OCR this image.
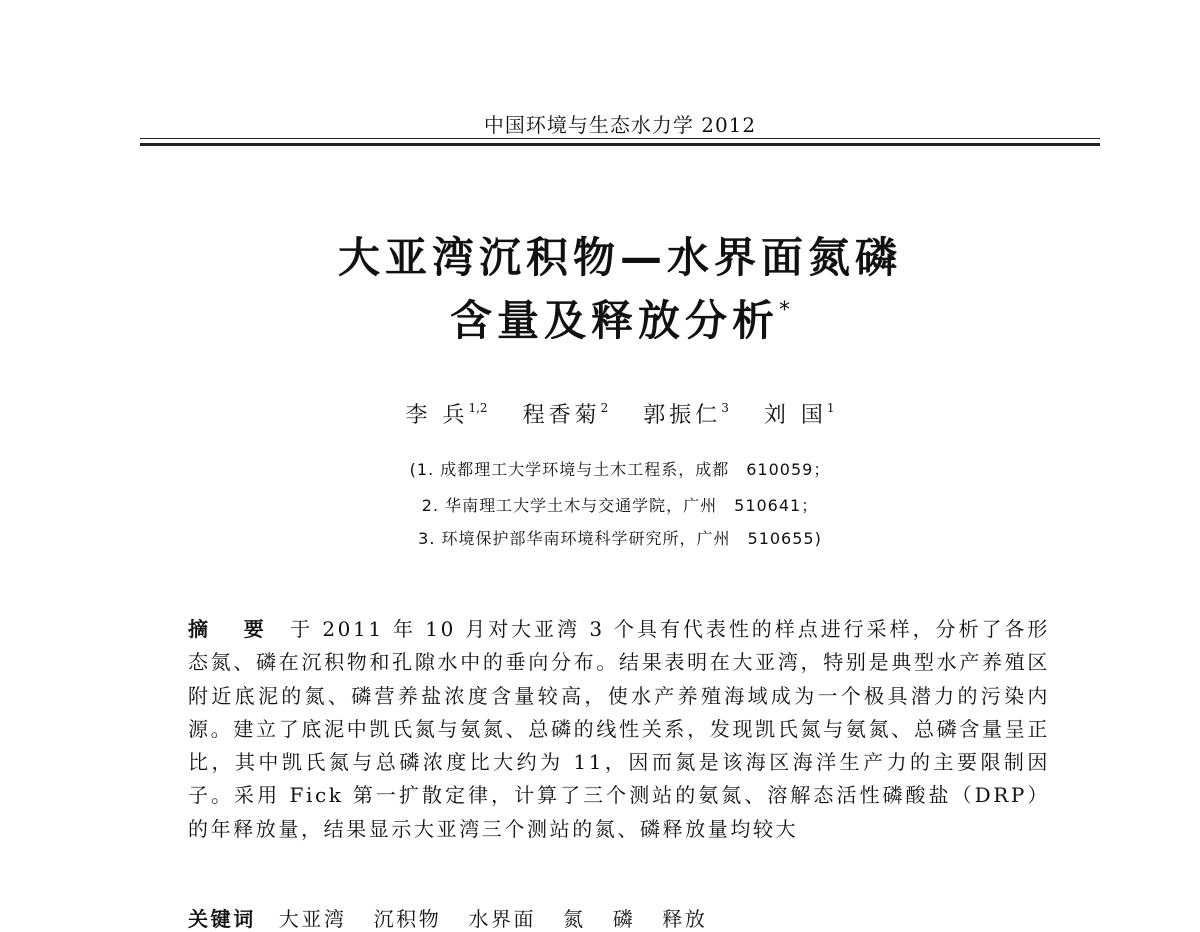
中国环境与生态水力学 2012
大亚湾沉积物—水界面氮磷
含量及释放分析*
李 兵$^{1,2}$ 程香菊$^2$ 郭振仁$^3$ 刘 国$^1$
(1. 成都理工大学环境与土木工程系，成都　610059；
2. 华南理工大学土木与交通学院，广州　510641；
3. 环境保护部华南环境科学研究所，广州　510655)
摘 要 于 2011 年 10 月对大亚湾 3 个具有代表性的样点进行采样，分析了各形态氮、磷在沉积物和孔隙水中的垂向分布。结果表明在大亚湾，特别是典型水产养殖区附近底泥的氮、磷营养盐浓度含量较高，使水产养殖海域成为一个极具潜力的污染内源。建立了底泥中凯氏氮与氨氮、总磷的线性关系，发现凯氏氮与氨氮、总磷含量呈正比，其中凯氏氮与总磷浓度比大约为 11，因而氮是该海区海洋生产力的主要限制因子。采用 Fick 第一扩散定律，计算了三个测站的氨氮、溶解态活性磷酸盐（DRP）的年释放量，结果显示大亚湾三个测站的氮、磷释放量均较大
关键词 大亚湾 沉积物 水界面 氮 磷 释放
